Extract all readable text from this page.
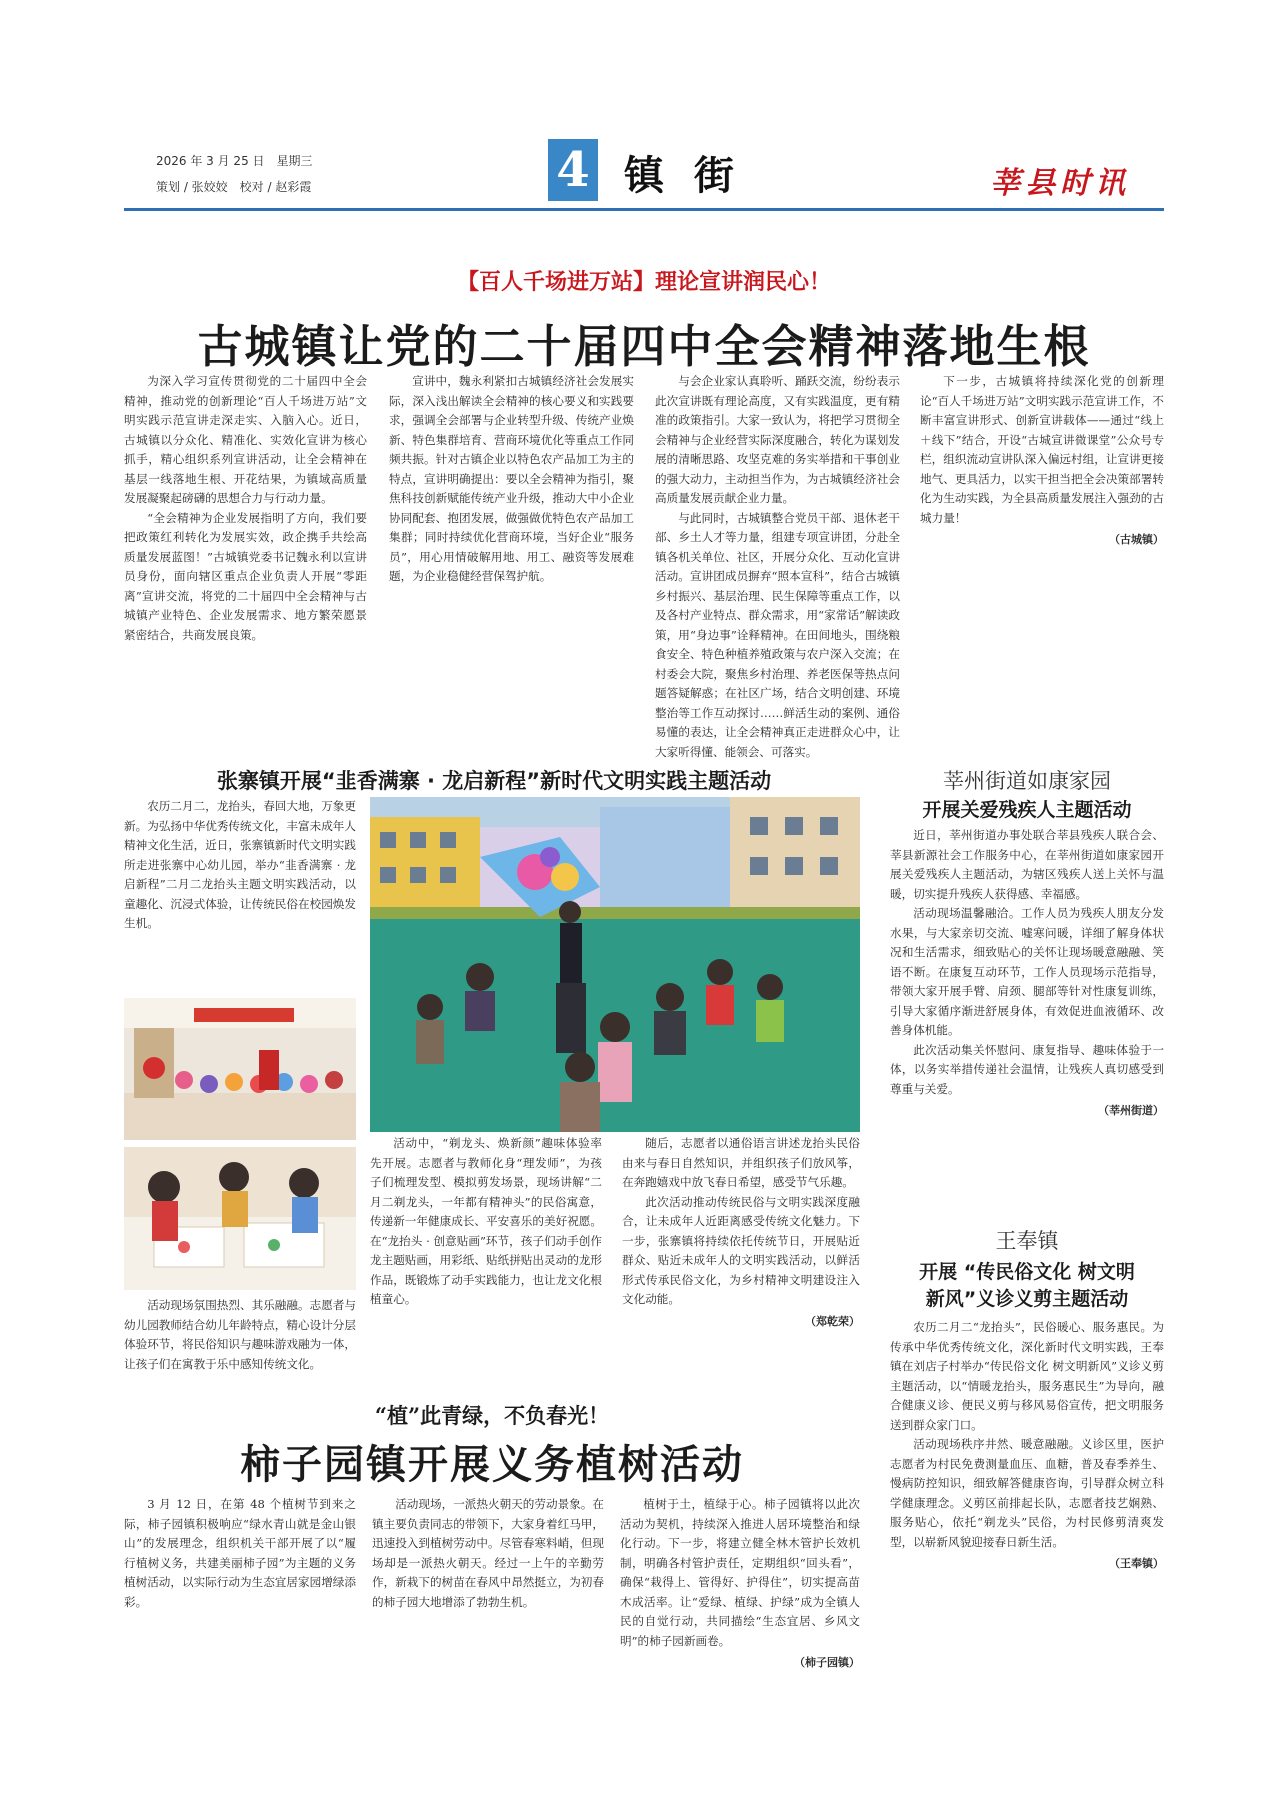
2026 年 3 月 25 日　星期三
策划 / 张姣姣　校对 / 赵彩霞	4 镇 街	莘县时讯
【百人千场进万站】理论宣讲润民心！
古城镇让党的二十届四中全会精神落地生根

为深入学习宣传贯彻党的二十届四中全会精神，推动党的创新理论“百人千场进万站”文明实践示范宣讲走深走实、入脑入心。近日，古城镇以分众化、精准化、实效化宣讲为核心抓手，精心组织系列宣讲活动，让全会精神在基层一线落地生根、开花结果，为镇域高质量发展凝聚起磅礴的思想合力与行动力量。

“全会精神为企业发展指明了方向，我们要把政策红利转化为发展实效，政企携手共绘高质量发展蓝图！”古城镇党委书记魏永利以宣讲员身份，面向辖区重点企业负责人开展“零距离”宣讲交流，将党的二十届四中全会精神与古城镇产业特色、企业发展需求、地方繁荣愿景紧密结合，共商发展良策。

宣讲中，魏永利紧扣古城镇经济社会发展实际，深入浅出解读全会精神的核心要义和实践要求，强调全会部署与企业转型升级、传统产业焕新、特色集群培育、营商环境优化等重点工作同频共振。针对古镇企业以特色农产品加工为主的特点，宣讲明确提出：要以全会精神为指引，聚焦科技创新赋能传统产业升级，推动大中小企业协同配套、抱团发展，做强做优特色农产品加工集群；同时持续优化营商环境，当好企业“服务员”，用心用情破解用地、用工、融资等发展难题，为企业稳健经营保驾护航。

与会企业家认真聆听、踊跃交流，纷纷表示此次宣讲既有理论高度，又有实践温度，更有精准的政策指引。大家一致认为，将把学习贯彻全会精神与企业经营实际深度融合，转化为谋划发展的清晰思路、攻坚克难的务实举措和干事创业的强大动力，主动担当作为，为古城镇经济社会高质量发展贡献企业力量。

与此同时，古城镇整合党员干部、退休老干部、乡土人才等力量，组建专项宣讲团，分赴全镇各机关单位、社区，开展分众化、互动化宣讲活动。宣讲团成员摒弃“照本宣科”，结合古城镇乡村振兴、基层治理、民生保障等重点工作，以及各村产业特点、群众需求，用“家常话”解读政策，用“身边事”诠释精神。在田间地头，围绕粮食安全、特色种植养殖政策与农户深入交流；在村委会大院，聚焦乡村治理、养老医保等热点问题答疑解惑；在社区广场，结合文明创建、环境整治等工作互动探讨……鲜活生动的案例、通俗易懂的表达，让全会精神真正走进群众心中，让大家听得懂、能领会、可落实。

下一步，古城镇将持续深化党的创新理论“百人千场进万站”文明实践示范宣讲工作，不断丰富宣讲形式、创新宣讲载体——通过“线上＋线下”结合，开设“古城宣讲微课堂”公众号专栏，组织流动宣讲队深入偏远村组，让宣讲更接地气、更具活力，以实干担当把全会决策部署转化为生动实践，为全县高质量发展注入强劲的古城力量！

（古城镇）
张寨镇开展“韭香满寨 · 龙启新程”新时代文明实践主题活动

农历二月二，龙抬头，春回大地，万象更新。为弘扬中华优秀传统文化，丰富未成年人精神文化生活，近日，张寨镇新时代文明实践所走进张寨中心幼儿园，举办“韭香满寨 · 龙启新程”二月二龙抬头主题文明实践活动，以童趣化、沉浸式体验，让传统民俗在校园焕发生机。

活动现场氛围热烈、其乐融融。志愿者与幼儿园教师结合幼儿年龄特点，精心设计分层体验环节，将民俗知识与趣味游戏融为一体，让孩子们在寓教于乐中感知传统文化。

活动中，“剃龙头、焕新颜”趣味体验率先开展。志愿者与教师化身“理发师”，为孩子们梳理发型、模拟剪发场景，现场讲解“二月二剃龙头，一年都有精神头”的民俗寓意，传递新一年健康成长、平安喜乐的美好祝愿。在“龙抬头 · 创意贴画”环节，孩子们动手创作龙主题贴画，用彩纸、贴纸拼贴出灵动的龙形作品，既锻炼了动手实践能力，也让龙文化根植童心。

随后，志愿者以通俗语言讲述龙抬头民俗由来与春日自然知识，并组织孩子们放风筝，在奔跑嬉戏中放飞春日希望，感受节气乐趣。

此次活动推动传统民俗与文明实践深度融合，让未成年人近距离感受传统文化魅力。下一步，张寨镇将持续依托传统节日，开展贴近群众、贴近未成年人的文明实践活动，以鲜活形式传承民俗文化，为乡村精神文明建设注入文化动能。

（郑乾荣）
莘州街道如康家园
开展关爱残疾人主题活动

近日，莘州街道办事处联合莘县残疾人联合会、莘县新源社会工作服务中心，在莘州街道如康家园开展关爱残疾人主题活动，为辖区残疾人送上关怀与温暖，切实提升残疾人获得感、幸福感。

活动现场温馨融洽。工作人员为残疾人朋友分发水果，与大家亲切交流、嘘寒问暖，详细了解身体状况和生活需求，细致贴心的关怀让现场暖意融融、笑语不断。在康复互动环节，工作人员现场示范指导，带领大家开展手臂、肩颈、腿部等针对性康复训练，引导大家循序渐进舒展身体，有效促进血液循环、改善身体机能。

此次活动集关怀慰问、康复指导、趣味体验于一体，以务实举措传递社会温情，让残疾人真切感受到尊重与关爱。

（莘州街道）
王奉镇
开展 “传民俗文化 树文明
新风”义诊义剪主题活动

农历二月二“龙抬头”，民俗暖心、服务惠民。为传承中华优秀传统文化，深化新时代文明实践，王奉镇在刘店子村举办“传民俗文化 树文明新风”义诊义剪主题活动，以“情暖龙抬头，服务惠民生”为导向，融合健康义诊、便民义剪与移风易俗宣传，把文明服务送到群众家门口。

活动现场秩序井然、暖意融融。义诊区里，医护志愿者为村民免费测量血压、血糖，普及春季养生、慢病防控知识，细致解答健康咨询，引导群众树立科学健康理念。义剪区前排起长队，志愿者技艺娴熟、服务贴心，依托“剃龙头”民俗，为村民修剪清爽发型，以崭新风貌迎接春日新生活。

（王奉镇）
“植”此青绿，不负春光！
柿子园镇开展义务植树活动

3 月 12 日，在第 48 个植树节到来之际，柿子园镇积极响应“绿水青山就是金山银山”的发展理念，组织机关干部开展了以“履行植树义务，共建美丽柿子园”为主题的义务植树活动，以实际行动为生态宜居家园增绿添彩。

活动现场，一派热火朝天的劳动景象。在镇主要负责同志的带领下，大家身着红马甲，迅速投入到植树劳动中。尽管春寒料峭，但现场却是一派热火朝天。经过一上午的辛勤劳作，新栽下的树苗在春风中昂然挺立，为初春的柿子园大地增添了勃勃生机。

植树于土，植绿于心。柿子园镇将以此次活动为契机，持续深入推进人居环境整治和绿化行动。下一步，将建立健全林木管护长效机制，明确各村管护责任，定期组织“回头看”，确保“栽得上、管得好、护得住”，切实提高苗木成活率。让“爱绿、植绿、护绿”成为全镇人民的自觉行动，共同描绘“生态宜居、乡风文明”的柿子园新画卷。

（柿子园镇）
